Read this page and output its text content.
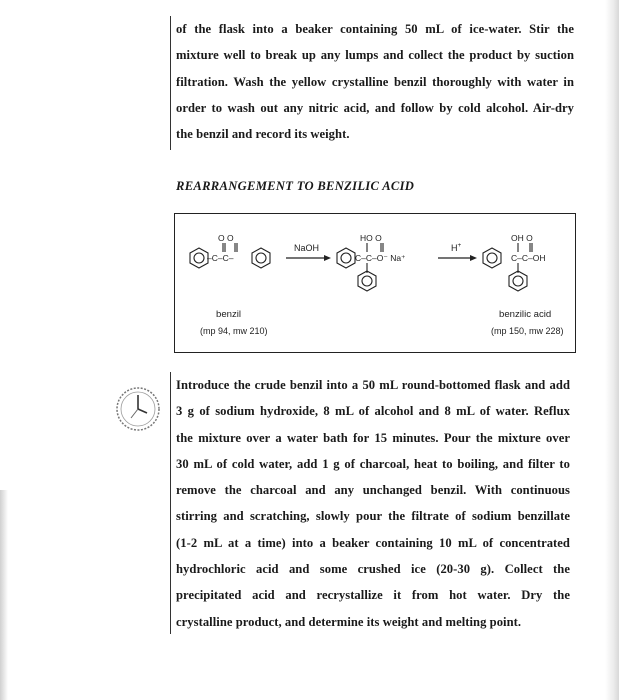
of the flask into a beaker containing 50 mL of ice-water. Stir the
mixture well to break up any lumps and collect the product by suction
filtration. Wash the yellow crystalline benzil thoroughly with water in
order to wash out any nitric acid, and follow by cold alcohol. Air-dry
the benzil and record its weight.
REARRANGEMENT TO BENZILIC ACID
O O
–C–C–
NaOH
HO O
C–C–O⁻ Na⁺
H+
OH O
C–C–OH
benzil
(mp 94, mw 210)
benzilic acid
(mp 150, mw 228)
Introduce the crude benzil into a 50 mL round-bottomed flask and add
3 g of sodium hydroxide, 8 mL of alcohol and 8 mL of water. Reflux
the mixture over a water bath for 15 minutes. Pour the mixture over
30 mL of cold water, add 1 g of charcoal, heat to boiling, and filter to
remove the charcoal and any unchanged benzil. With continuous
stirring and scratching, slowly pour the filtrate of sodium benzillate
(1-2 mL at a time) into a beaker containing 10 mL of concentrated
hydrochloric acid and some crushed ice (20-30 g). Collect the
precipitated acid and recrystallize it from hot water. Dry the
crystalline product, and determine its weight and melting point.
